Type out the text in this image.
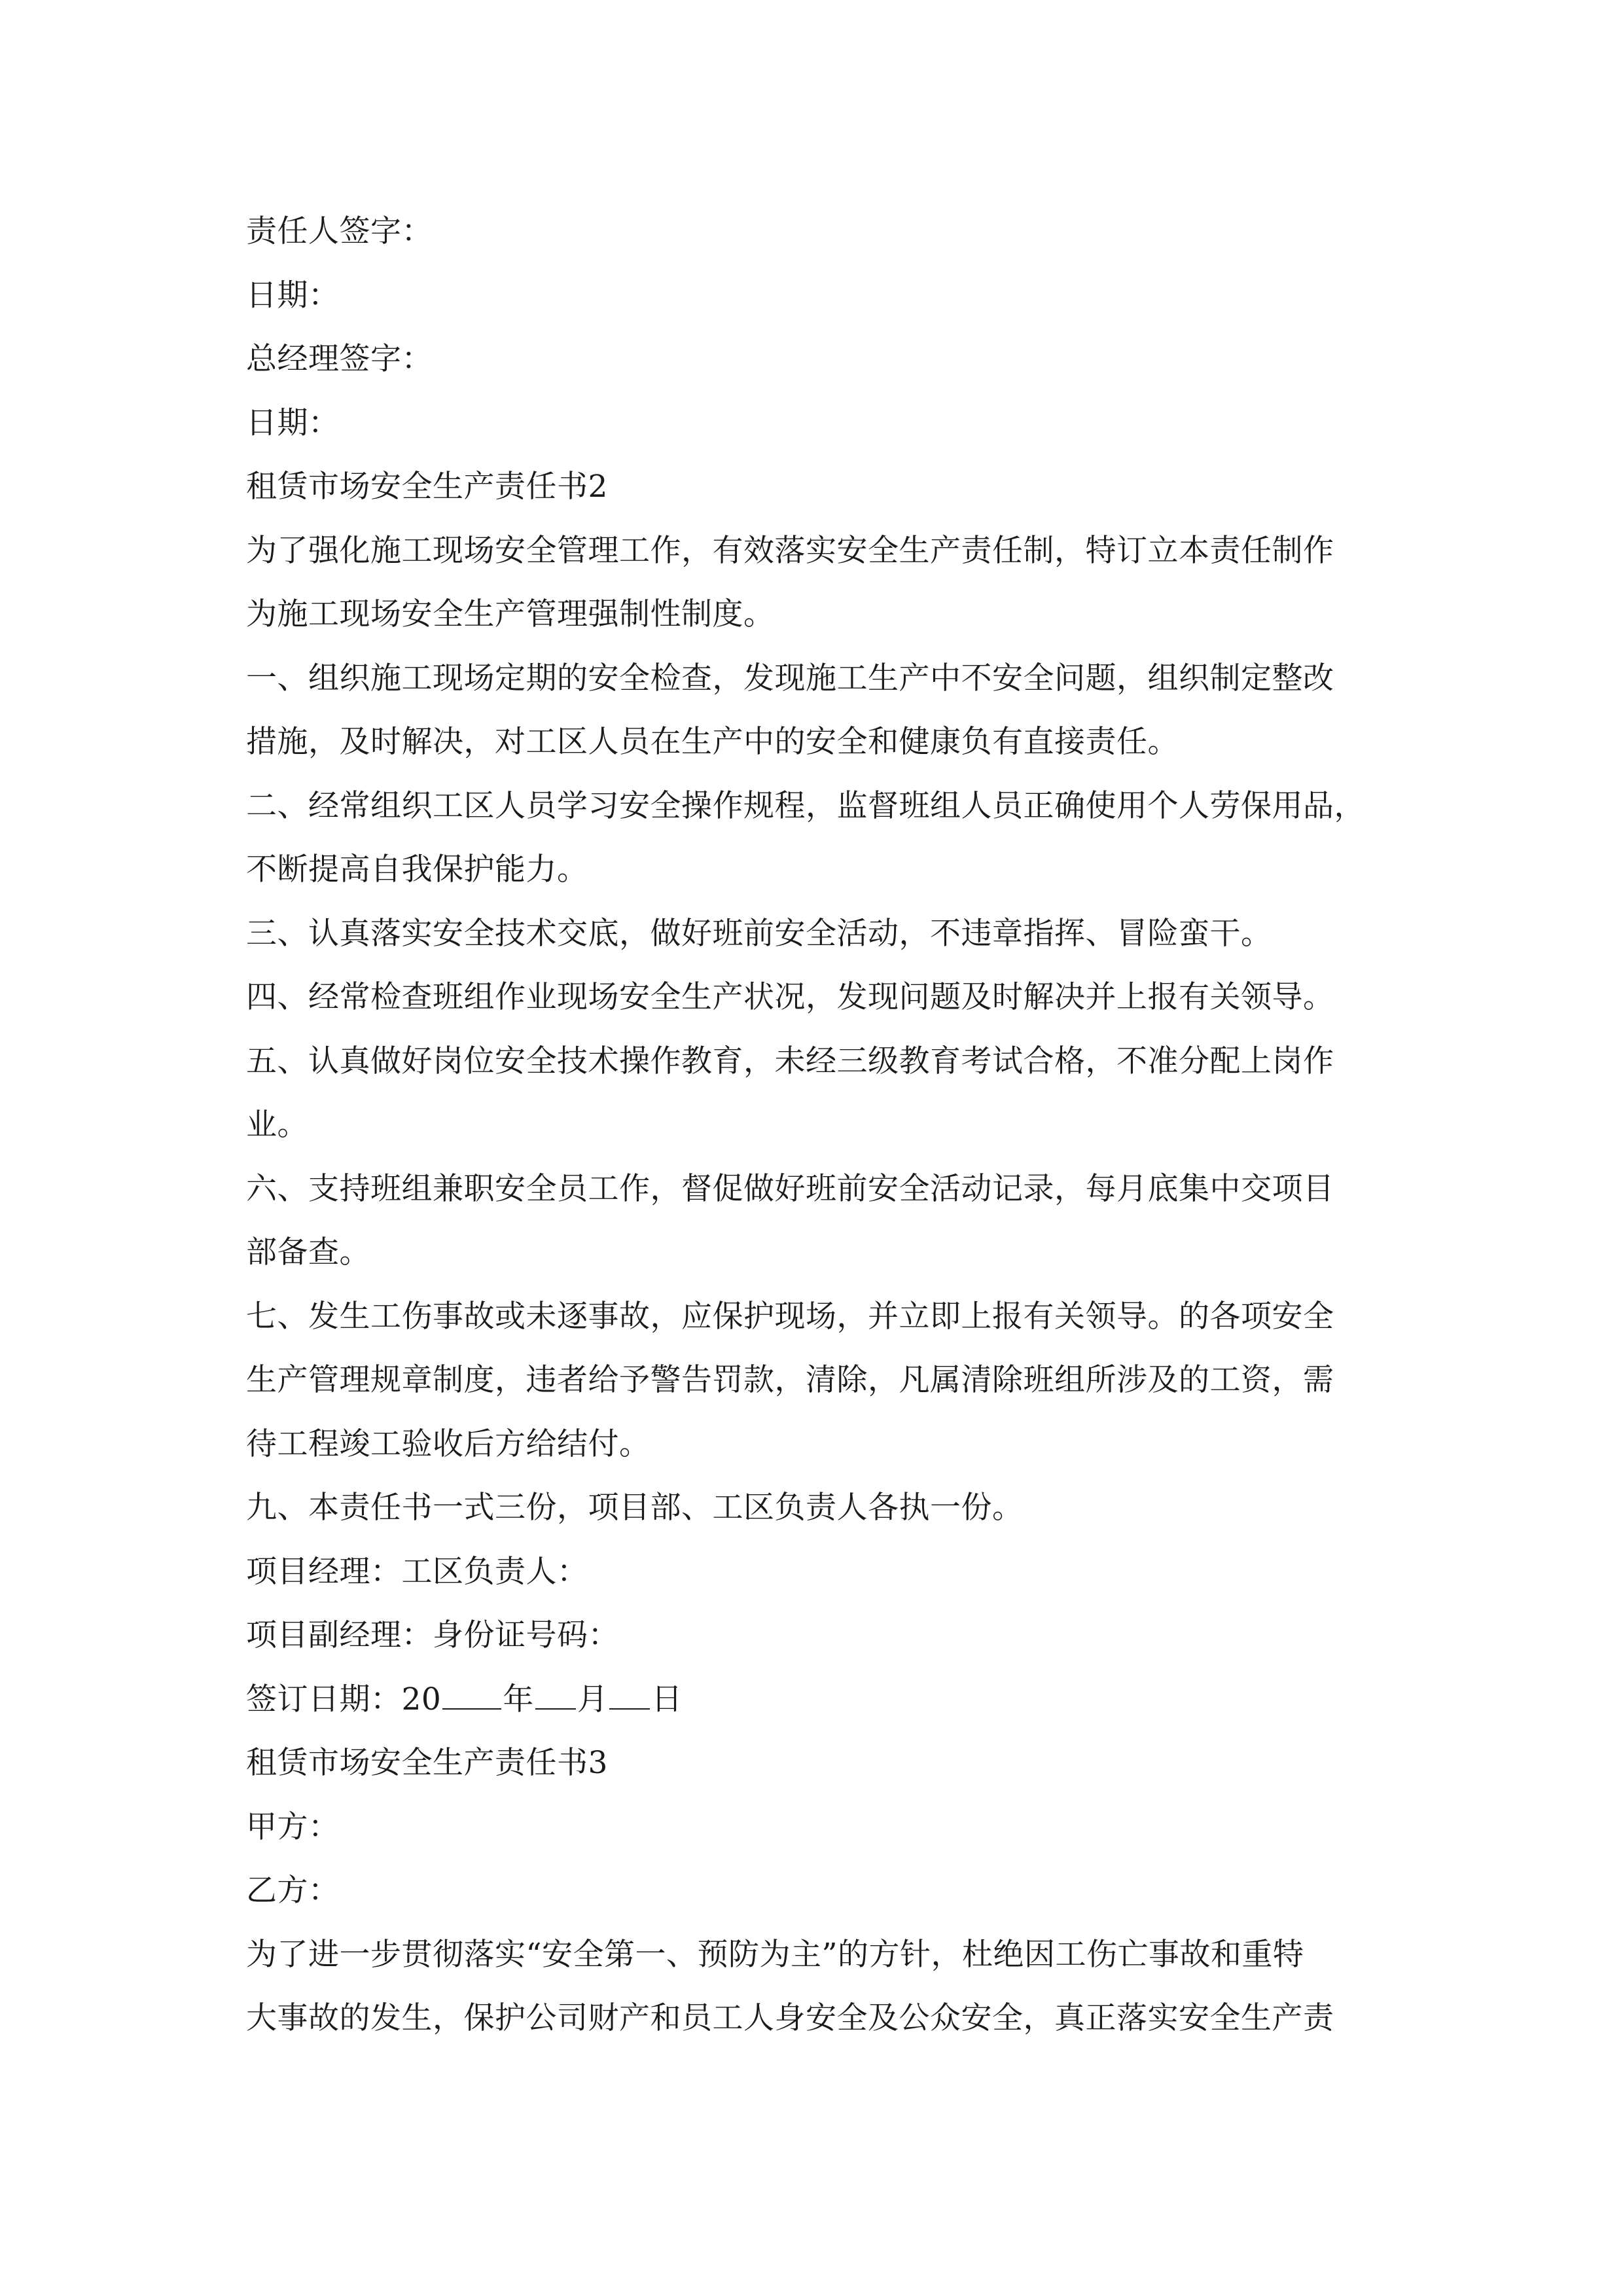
责任人签字：
日期：
总经理签字：
日期：
租赁市场安全生产责任书2
为了强化施工现场安全管理工作，有效落实安全生产责任制，特订立本责任制作
为施工现场安全生产管理强制性制度。
一、组织施工现场定期的安全检查，发现施工生产中不安全问题，组织制定整改
措施，及时解决，对工区人员在生产中的安全和健康负有直接责任。
二、经常组织工区人员学习安全操作规程，监督班组人员正确使用个人劳保用品，
不断提高自我保护能力。
三、认真落实安全技术交底，做好班前安全活动，不违章指挥、冒险蛮干。
四、经常检查班组作业现场安全生产状况，发现问题及时解决并上报有关领导。
五、认真做好岗位安全技术操作教育，未经三级教育考试合格，不准分配上岗作
业。
六、支持班组兼职安全员工作，督促做好班前安全活动记录，每月底集中交项目
部备查。
七、发生工伤事故或未逐事故，应保护现场，并立即上报有关领导。的各项安全
生产管理规章制度，违者给予警告罚款，清除，凡属清除班组所涉及的工资，需
待工程竣工验收后方给结付。
九、本责任书一式三份，项目部、工区负责人各执一份。
项目经理：工区负责人：
项目副经理：身份证号码：
签订日期：20 年 月 日
租赁市场安全生产责任书3
甲方：
乙方：
为了进一步贯彻落实“安全第一、预防为主”的方针，杜绝因工伤亡事故和重特
大事故的发生，保护公司财产和员工人身安全及公众安全，真正落实安全生产责
